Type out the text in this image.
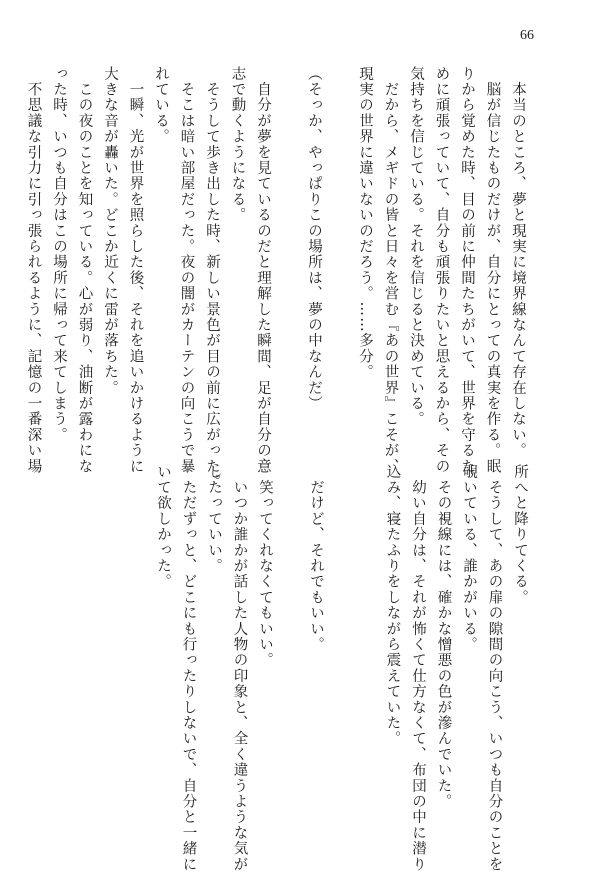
66
　本当のところ、夢と現実に境界線なんて存在しない。
　脳が信じたものだけが、自分にとっての真実を作る。眠
りから覚めた時、目の前に仲間たちがいて、世界を守るた
めに頑張っていて、自分も頑張りたいと思えるから、その
気持ちを信じている。それを信じると決めている。
　だから、メギドの皆と日々を営む『あの世界』こそが、
現実の世界に違いないのだろう。……多分。

（そっか、やっぱりこの場所は、夢の中なんだ）

　自分が夢を見ているのだと理解した瞬間、足が自分の意
志で動くようになる。
　そうして歩き出した時、新しい景色が目の前に広がった。
　そこは暗い部屋だった。夜の闇がカーテンの向こうで暴
れている。
　一瞬、光が世界を照らした後、それを追いかけるように
大きな音が轟いた。どこか近くに雷が落ちた。
　この夜のことを知っている。心が弱り、油断が露わにな
った時、いつも自分はこの場所に帰って来てしまう。
　不思議な引力に引っ張られるように、記憶の一番深い場
所へと降りてくる。
　そうして、あの扉の隙間の向こう、いつも自分のことを
覗いている、誰かがいる。
　その視線には、確かな憎悪の色が滲んでいた。
　幼い自分は、それが怖くて仕方なくて、布団の中に潜り
込み、寝たふりをしながら震えていた。

　だけど、それでもいい。

　笑ってくれなくてもいい。
　いつか誰かが話した人物の印象と、全く違うような気が
したっていい。
　ただずっと、どこにも行ったりしないで、自分と一緒に
いて欲しかった。
